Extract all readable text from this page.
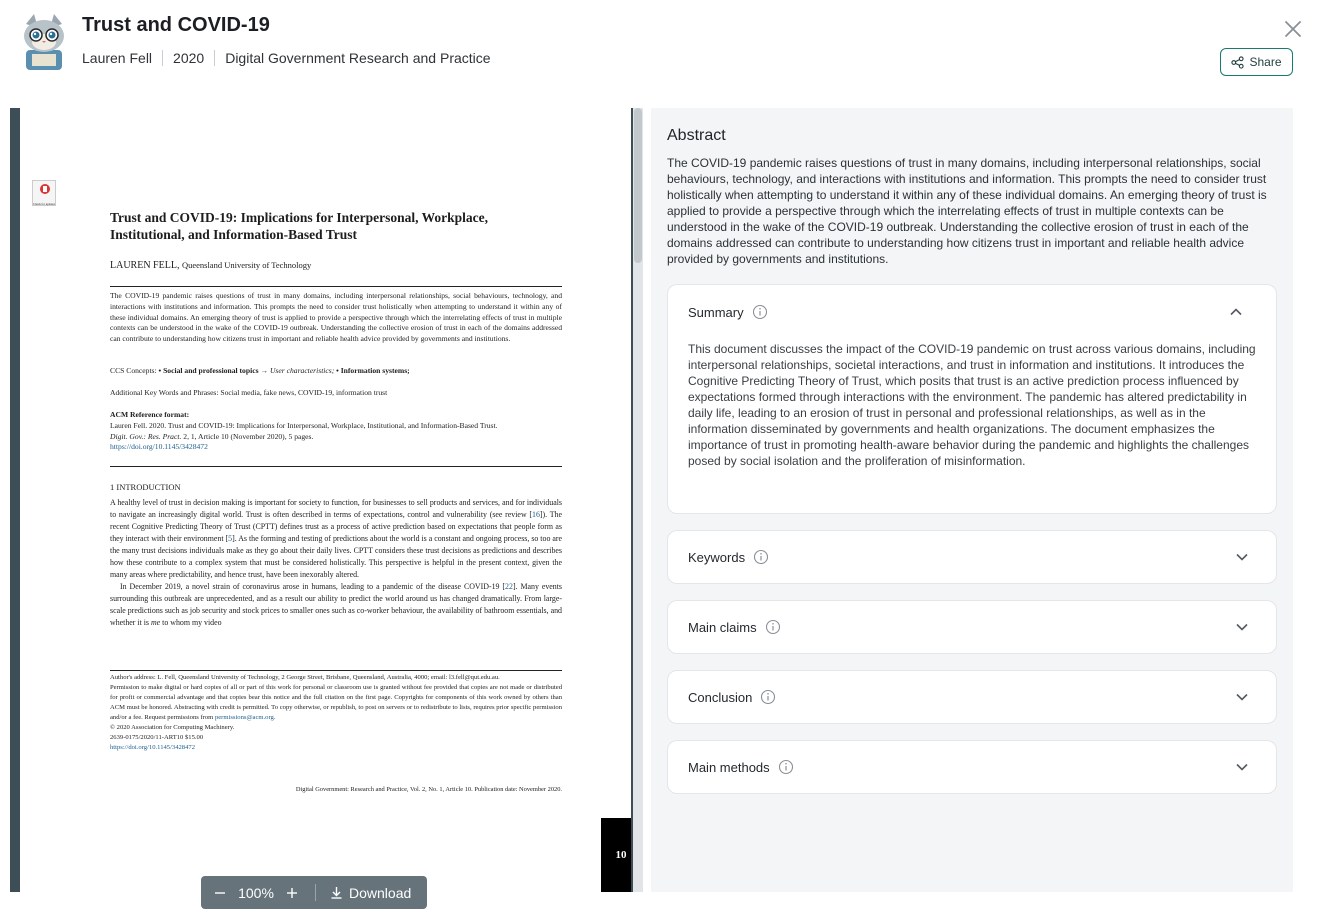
Trust and COVID-19
Lauren Fell 2020 Digital Government Research and Practice	Share
Check for updates
Trust and COVID-19: Implications for Interpersonal, Workplace, Institutional, and Information-Based Trust
LAUREN FELL, Queensland University of Technology
The COVID-19 pandemic raises questions of trust in many domains, including interpersonal relationships, social behaviours, technology, and interactions with institutions and information. This prompts the need to consider trust holistically when attempting to understand it within any of these individual domains. An emerging theory of trust is applied to provide a perspective through which the interrelating effects of trust in multiple contexts can be understood in the wake of the COVID-19 outbreak. Understanding the collective erosion of trust in each of the domains addressed can contribute to understanding how citizens trust in important and reliable health advice provided by governments and institutions.
CCS Concepts: • Social and professional topics → User characteristics; • Information systems;
Additional Key Words and Phrases: Social media, fake news, COVID-19, information trust
ACM Reference format:
Lauren Fell. 2020. Trust and COVID-19: Implications for Interpersonal, Workplace, Institutional, and Information-Based Trust.
Digit. Gov.: Res. Pract. 2, 1, Article 10 (November 2020), 5 pages.
https://doi.org/10.1145/3428472
1 INTRODUCTION
A healthy level of trust in decision making is important for society to function, for businesses to sell products and services, and for individuals to navigate an increasingly digital world. Trust is often described in terms of expectations, control and vulnerability (see review [16]). The recent Cognitive Predicting Theory of Trust (CPTT) defines trust as a process of active prediction based on expectations that people form as they interact with their environment [5]. As the forming and testing of predictions about the world is a constant and ongoing process, so too are the many trust decisions individuals make as they go about their daily lives. CPTT considers these trust decisions as predictions and describes how these contribute to a complex system that must be considered holistically. This perspective is helpful in the present context, given the many areas where predictability, and hence trust, have been inexorably altered.
In December 2019, a novel strain of coronavirus arose in humans, leading to a pandemic of the disease COVID-19 [22]. Many events surrounding this outbreak are unprecedented, and as a result our ability to predict the world around us has changed dramatically. From large-scale predictions such as job security and stock prices to smaller ones such as co-worker behaviour, the availability of bathroom essentials, and whether it is me to whom my video
Author's address: L. Fell, Queensland University of Technology, 2 George Street, Brisbane, Queensland, Australia, 4000; email: l3.fell@qut.edu.au.
Permission to make digital or hard copies of all or part of this work for personal or classroom use is granted without fee provided that copies are not made or distributed for profit or commercial advantage and that copies bear this notice and the full citation on the first page. Copyrights for components of this work owned by others than ACM must be honored. Abstracting with credit is permitted. To copy otherwise, or republish, to post on servers or to redistribute to lists, requires prior specific permission and/or a fee. Request permissions from permissions@acm.org.
© 2020 Association for Computing Machinery.
2639-0175/2020/11-ART10 $15.00
https://doi.org/10.1145/3428472
Digital Government: Research and Practice, Vol. 2, No. 1, Article 10. Publication date: November 2020.
10
100%	Download
Abstract
The COVID-19 pandemic raises questions of trust in many domains, including interpersonal relationships, social behaviours, technology, and interactions with institutions and information. This prompts the need to consider trust holistically when attempting to understand it within any of these individual domains. An emerging theory of trust is applied to provide a perspective through which the interrelating effects of trust in multiple contexts can be understood in the wake of the COVID-19 outbreak. Understanding the collective erosion of trust in each of the domains addressed can contribute to understanding how citizens trust in important and reliable health advice provided by governments and institutions.
Summary
This document discusses the impact of the COVID-19 pandemic on trust across various domains, including interpersonal relationships, societal interactions, and trust in information and institutions. It introduces the Cognitive Predicting Theory of Trust, which posits that trust is an active prediction process influenced by expectations formed through interactions with the environment. The pandemic has altered predictability in daily life, leading to an erosion of trust in personal and professional relationships, as well as in the information disseminated by governments and health organizations. The document emphasizes the importance of trust in promoting health-aware behavior during the pandemic and highlights the challenges posed by social isolation and the proliferation of misinformation.
Keywords
Main claims
Conclusion
Main methods
